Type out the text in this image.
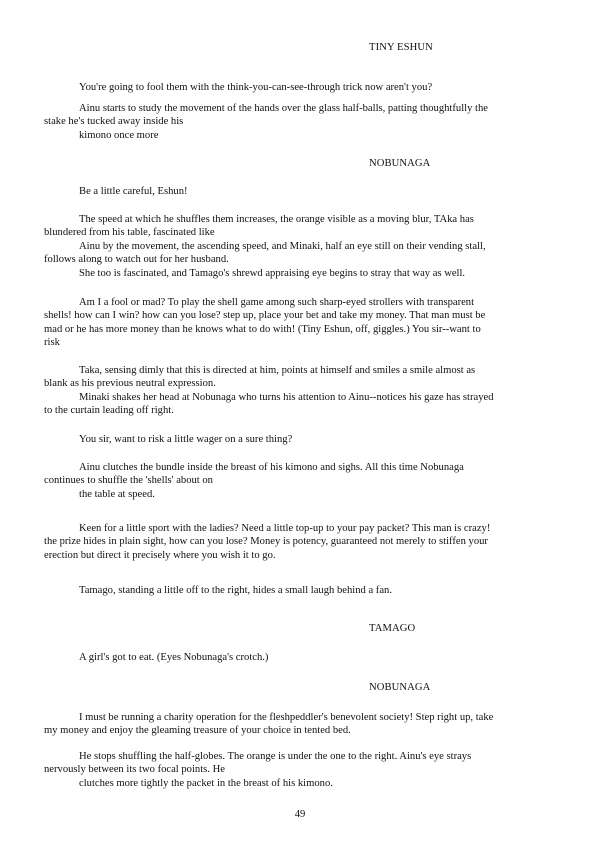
TINY ESHUN
You're going to fool them with the think-you-can-see-through trick now aren't you?
Ainu starts to study the movement of the hands over the glass half-balls, patting thoughtfully the
stake he's tucked away inside his
kimono once more
NOBUNAGA
Be a little careful, Eshun!
The speed at which he shuffles them increases, the orange visible as a moving blur, TAka has
blundered from his table, fascinated like
Ainu by the movement, the ascending speed, and Minaki, half an eye still on their vending stall,
follows along to watch out for her husband.
She too is fascinated, and Tamago's shrewd appraising eye begins to stray that way as well.
Am I a fool or mad? To play the shell game among such sharp-eyed strollers with transparent
shells! how can I win? how can you lose? step up, place your bet and take my money. That man must be
mad or he has more money than he knows what to do with! (Tiny Eshun, off, giggles.) You sir--want to
risk
Taka, sensing dimly that this is directed at him, points at himself and smiles a smile almost as
blank as his previous neutral expression.
Minaki shakes her head at Nobunaga who turns his attention to Ainu--notices his gaze has strayed
to the curtain leading off right.
You sir, want to risk a little wager on a sure thing?
Ainu clutches the bundle inside the breast of his kimono and sighs. All this time Nobunaga
continues to shuffle the 'shells' about on
the table at speed.
Keen for a little sport with the ladies? Need a little top-up to your pay packet? This man is crazy!
the prize hides in plain sight, how can you lose? Money is potency, guaranteed not merely to stiffen your
erection but direct it precisely where you wish it to go.
Tamago, standing a little off to the right, hides a small laugh behind a fan.
TAMAGO
A girl's got to eat. (Eyes Nobunaga's crotch.)
NOBUNAGA
I must be running a charity operation for the fleshpeddler's benevolent society! Step right up, take
my money and enjoy the gleaming treasure of your choice in tented bed.
He stops shuffling the half-globes. The orange is under the one to the right. Ainu's eye strays
nervously between its two focal points. He
clutches more tightly the packet in the breast of his kimono.
49
